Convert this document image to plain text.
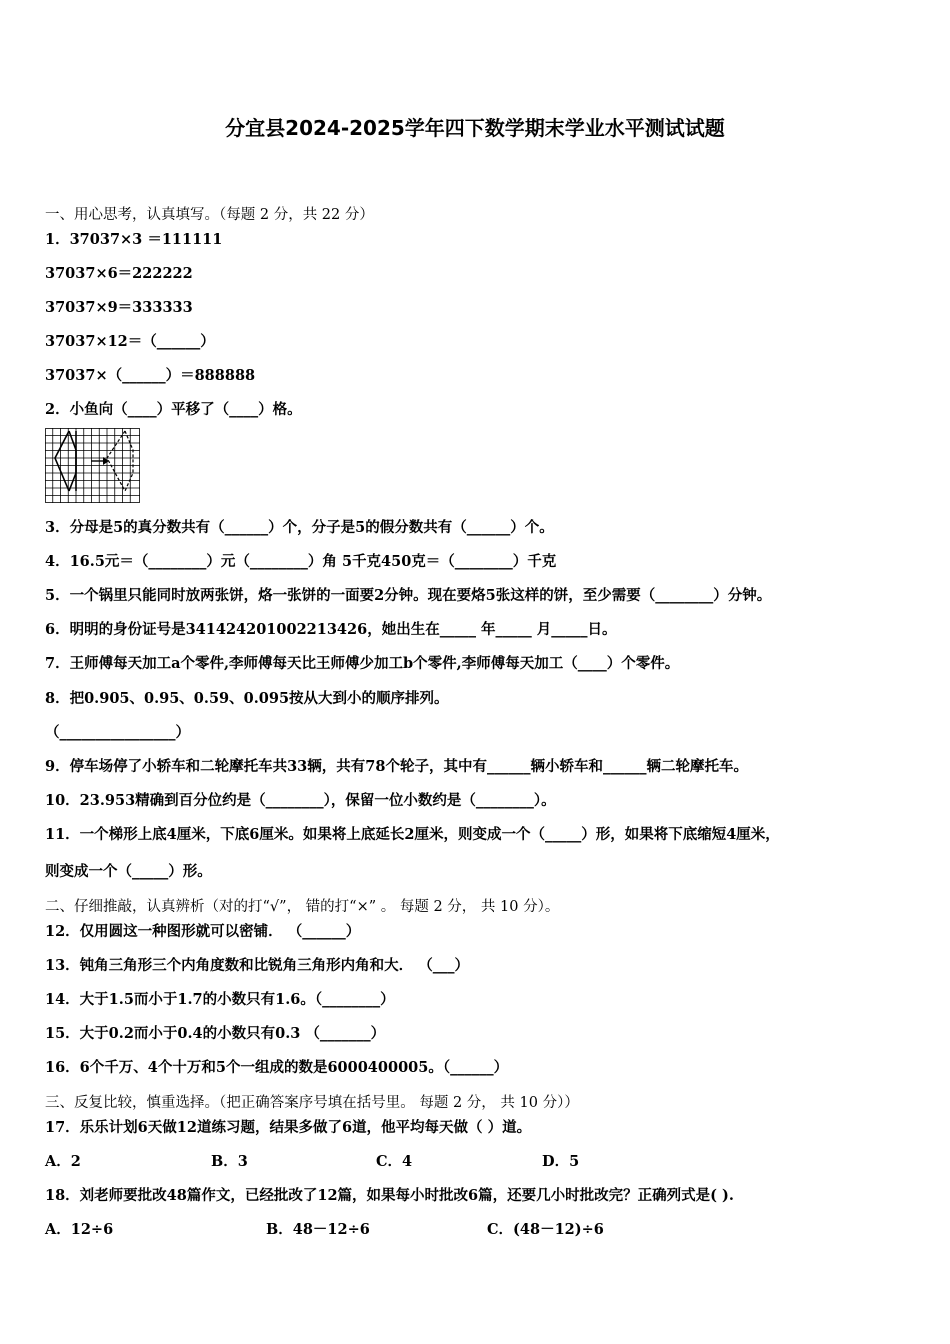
分宜县2024-2025学年四下数学期末学业水平测试试题
一、用心思考，认真填写。（每题 2 分，共 22 分）
1．37037×3 ＝111111
37037×6＝222222
37037×9＝333333
37037×12＝（______）
37037×（______）＝888888
2．小鱼向（____）平移了（____）格。
3．分母是5的真分数共有（______）个，分子是5的假分数共有（______）个。
4．16.5元＝（________）元（________）角 5千克450克＝（________）千克
5．一个锅里只能同时放两张饼，烙一张饼的一面要2分钟。现在要烙5张这样的饼，至少需要（________）分钟。
6．明明的身份证号是341424201002213426，她出生在_____ 年_____ 月_____日。
7．王师傅每天加工a个零件,李师傅每天比王师傅少加工b个零件,李师傅每天加工（____）个零件。
8．把0.905、0.95、0.59、0.095按从大到小的顺序排列。
（________________）
9．停车场停了小轿车和二轮摩托车共33辆，共有78个轮子，其中有______辆小轿车和______辆二轮摩托车。
10．23.953精确到百分位约是（________），保留一位小数约是（________）。
11．一个梯形上底4厘米，下底6厘米。如果将上底延长2厘米，则变成一个（_____）形，如果将下底缩短4厘米，
则变成一个（_____）形。
二、仔细推敲，认真辨析（对的打“√”， 错的打“×” 。 每题 2 分， 共 10 分）。
12．仅用圆这一种图形就可以密铺． （______）
13．钝角三角形三个内角度数和比锐角三角形内角和大． （___）
14．大于1.5而小于1.7的小数只有1.6。（________）
15．大于0.2而小于0.4的小数只有0.3 （_______）
16．6个千万、4个十万和5个一组成的数是6000400005。（______）
三、反复比较，慎重选择。（把正确答案序号填在括号里。 每题 2 分， 共 10 分））
17．乐乐计划6天做12道练习题，结果多做了6道，他平均每天做（ ）道。
A．2	B．3	C．4	D．5
18．刘老师要批改48篇作文，已经批改了12篇，如果每小时批改6篇，还要几小时批改完？正确列式是( ).
A．12÷6	B．48－12÷6	C．(48－12)÷6
